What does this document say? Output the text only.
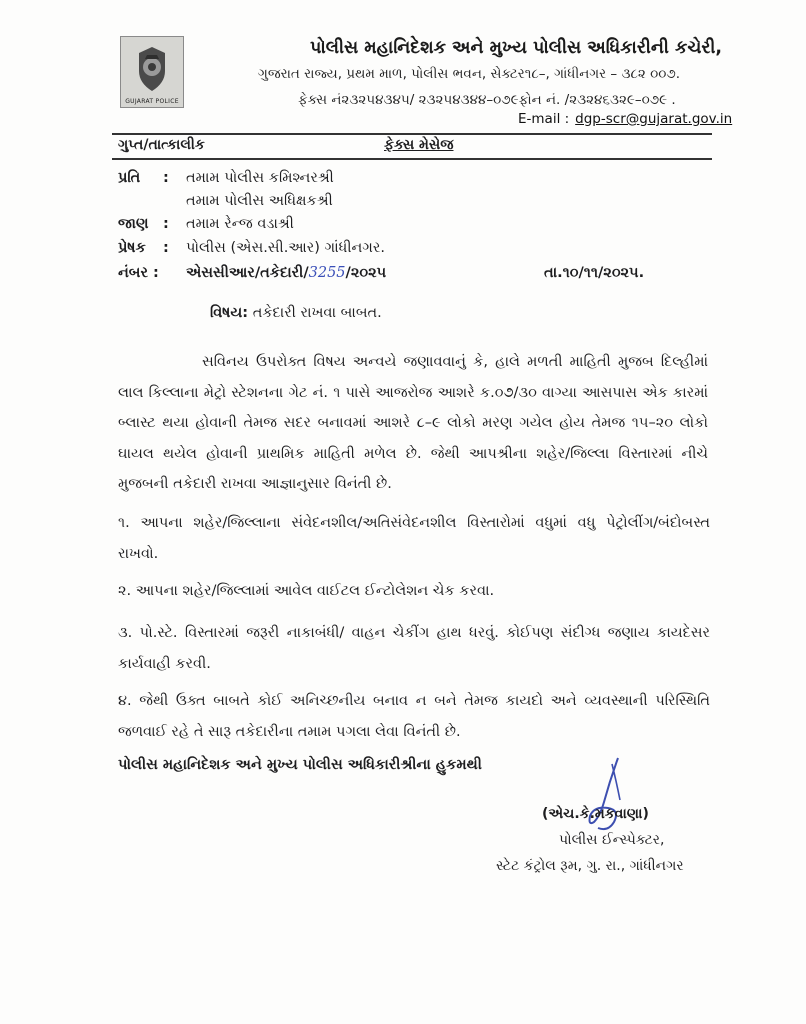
GUJARAT POLICE
પોલીસ મહાનિદેશક અને મુખ્ય પોલીસ અધિકારીની કચેરી,
ગુજરાત રાજ્ય, પ્રથમ માળ, પોલીસ ભવન, સેક્ટર૧૮–, ગાંધીનગર – ૩૮૨ ૦૦૭.
ફેક્સ નં૨૩૨૫૪૩૪૫/ ૨૩૨૫૪૩૪૪–૦૭૯ફોન નં. /૨૩૨૪૬૩૨૯–૦૭૯ .
E-mail : dgp-scr@gujarat.gov.in
ગુપ્ત/તાત્કાલીક	ફેક્સ મેસેજ
પ્રતિ : તમામ પોલીસ કમિશ્નરશ્રી
તમામ પોલીસ અધિક્ષકશ્રી
જાણ : તમામ રેન્જ વડાશ્રી
પ્રેષક : પોલીસ (એસ.સી.આર) ગાંધીનગર.
નંબર : એસસીઆર/તકેદારી/3255/૨૦૨૫	તા.૧૦/૧૧/૨૦૨૫.
વિષય: તકેદારી રાખવા બાબત.

સવિનય ઉપરોક્ત વિષય અન્વયે જણાવવાનું કે, હાલે મળતી માહિતી મુજબ દિલ્હીમાં લાલ કિલ્લાના મેટ્રો સ્ટેશનના ગેટ નં. ૧ પાસે આજરોજ આશરે ક.૦૭/૩૦ વાગ્યા આસપાસ એક કારમાં બ્લાસ્ટ થયા હોવાની તેમજ સદર બનાવમાં આશરે ૮–૯ લોકો મરણ ગયેલ હોય તેમજ ૧૫–૨૦ લોકો ઘાયલ થયેલ હોવાની પ્રાથમિક માહિતી મળેલ છે. જેથી આપશ્રીના શહેર/જિલ્લા વિસ્તારમાં નીચે મુજબની તકેદારી રાખવા આજ્ઞાનુસાર વિનંતી છે.

૧. આપના શહેર/જિલ્લાના સંવેદનશીલ/અતિસંવેદનશીલ વિસ્તારોમાં વધુમાં વધુ પેટ્રોલીંગ/બંદોબસ્ત રાખવો.

૨. આપના શહેર/જિલ્લામાં આવેલ વાઈટલ ઈન્ટોલેશન ચેક કરવા.

૩. પો.સ્ટે. વિસ્તારમાં જરૂરી નાકાબંધી/ વાહન ચેકીંગ હાથ ધરવું. કોઈપણ સંદીગ્ધ જણાય કાયદેસર કાર્યવાહી કરવી.

૪. જેથી ઉક્ત બાબતે કોઈ અનિચ્છનીય બનાવ ન બને તેમજ કાયદો અને વ્યવસ્થાની પરિસ્થિતિ જળવાઈ રહે તે સારૂ તકેદારીના તમામ પગલા લેવા વિનંતી છે.

પોલીસ મહાનિદેશક અને મુખ્ય પોલીસ અધિકારીશ્રીના હુકમથી
(એચ.કે.મકવાણા)
પોલીસ ઈન્સ્પેક્ટર,
સ્ટેટ કંટ્રોલ રૂમ, ગુ. રા., ગાંધીનગર
